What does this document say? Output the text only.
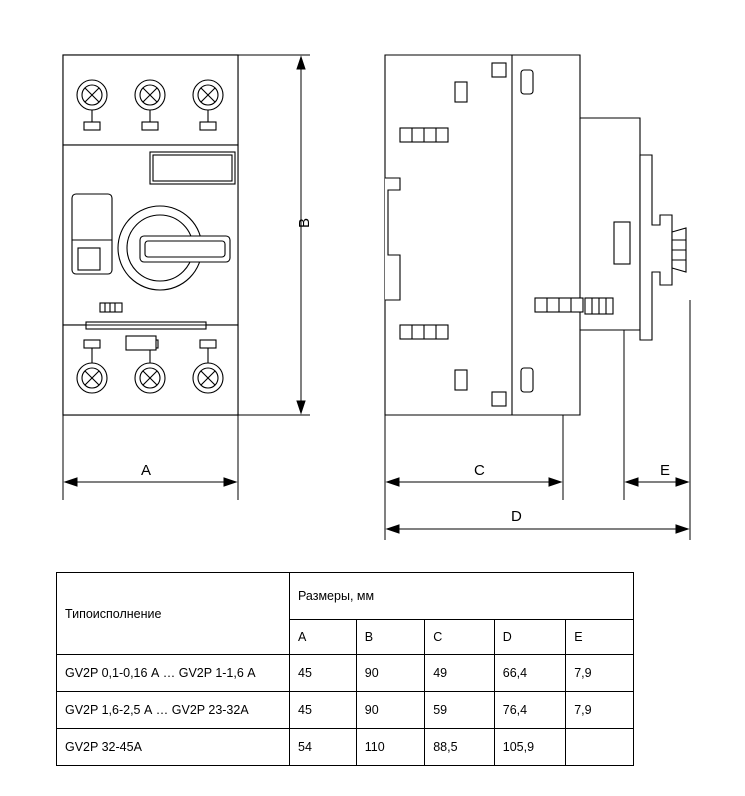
A
B
C
D
E
Типоисполнение	Размеры, мм				
	A	B	C	D	E
GV2P 0,1-0,16 А … GV2P 1-1,6 А	45	90	49	66,4	7,9
GV2P 1,6-2,5 А … GV2P 23-32А	45	90	59	76,4	7,9
GV2P 32-45А	54	110	88,5	105,9	
